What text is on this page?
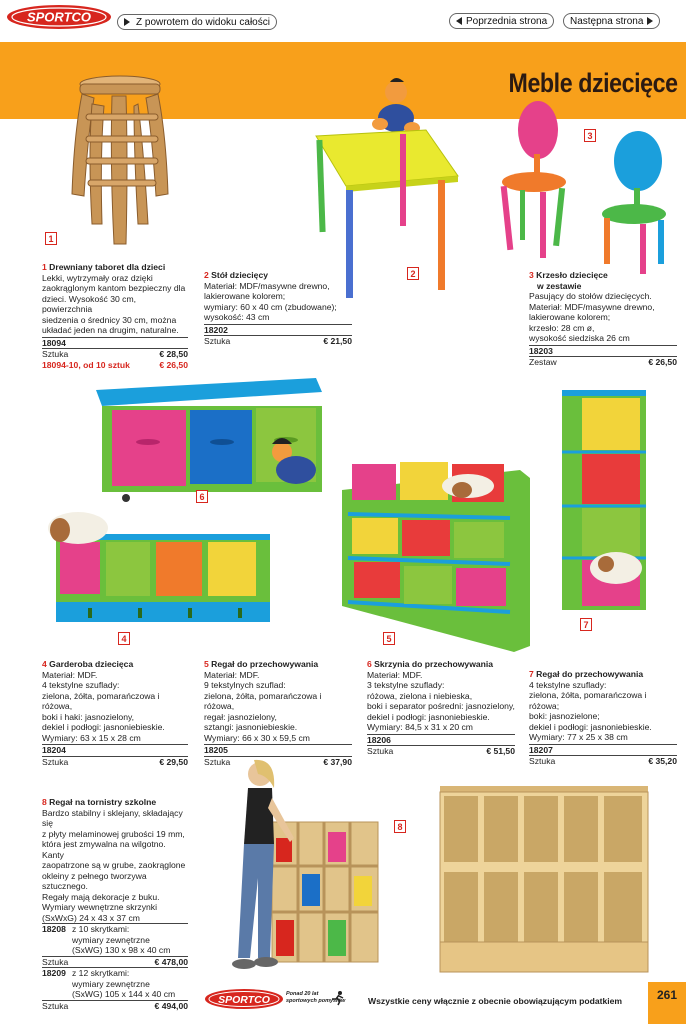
SPORTCO	Z powrotem do widoku całości	Poprzednia strona Następna strona
Meble dziecięce
1
2
3
6
5
7
4
8
1 Drewniany taboret dla dzieci
Lekki, wytrzymały oraz dzięki
zaokrąglonym kantom bezpieczny dla
dzieci. Wysokość 30 cm, powierzchnia
siedzenia o średnicy 30 cm, można
układać jeden na drugim, naturalne.
18094
Sztuka	€ 28,50
18094-10, od 10 sztuk	€ 26,50
2 Stół dziecięcy
Materiał: MDF/masywne drewno,
lakierowane kolorem;
wymiary: 60 x 40 cm (zbudowane);
wysokość: 43 cm
18202
Sztuka	€ 21,50
3 Krzesło dziecięce
w zestawie
Pasujący do stołów dziecięcych.
Materiał: MDF/masywne drewno,
lakierowane kolorem;
krzesło: 28 cm ø,
wysokość siedziska 26 cm
18203
Zestaw	€ 26,50
4 Garderoba dziecięca
Materiał: MDF.
4 tekstylne szuflady:
zielona, żółta, pomarańczowa i różowa,
boki i haki: jasnozielony,
dekiel i podłogi: jasnoniebieskie.
Wymiary: 63 x 15 x 28 cm
18204
Sztuka	€ 29,50
5 Regał do przechowywania
Materiał: MDF.
9 tekstylnych szuflad:
zielona, żółta, pomarańczowa i różowa,
regał: jasnozielony,
sztangi: jasnoniebieskie.
Wymiary: 66 x 30 x 59,5 cm
18205
Sztuka	€ 37,90
6 Skrzynia do przechowywania
Materiał: MDF.
3 tekstylne szuflady:
różowa, zielona i niebieska,
boki i separator pośredni: jasnozielony,
dekiel i podłogi: jasnoniebieskie.
Wymiary: 84,5 x 31 x 20 cm
18206
Sztuka	€ 51,50
7 Regał do przechowywania
4 tekstylne szuflady:
zielona, żółta, pomarańczowa i różowa;
boki: jasnozielone;
dekiel i podłogi: jasnoniebieskie.
Wymiary: 77 x 25 x 38 cm
18207
Sztuka	€ 35,20
8 Regał na tornistry szkolne
Bardzo stabilny i sklejany, składający się
z płyty melaminowej grubości 19 mm,
która jest zmywalna na wilgotno. Kanty
zaopatrzone są w grube, zaokrąglone
okleiny z pełnego tworzywa sztucznego.
Regały mają dekoracje z buku.
Wymiary wewnętrzne skrzynki
(SxWxG) 24 x 43 x 37 cm
18208 z 10 skrytkami:
wymiary zewnętrzne
(SxWG) 130 x 98 x 40 cm
Sztuka	€ 478,00
18209 z 12 skrytkami:
wymiary zewnętrzne
(SxWG) 105 x 144 x 40 cm
Sztuka	€ 494,00	SPORTCO	Ponad 20 lat
sportowych pomysłów	Wszystkie ceny włącznie z obecnie obowiązującym podatkiem	261
